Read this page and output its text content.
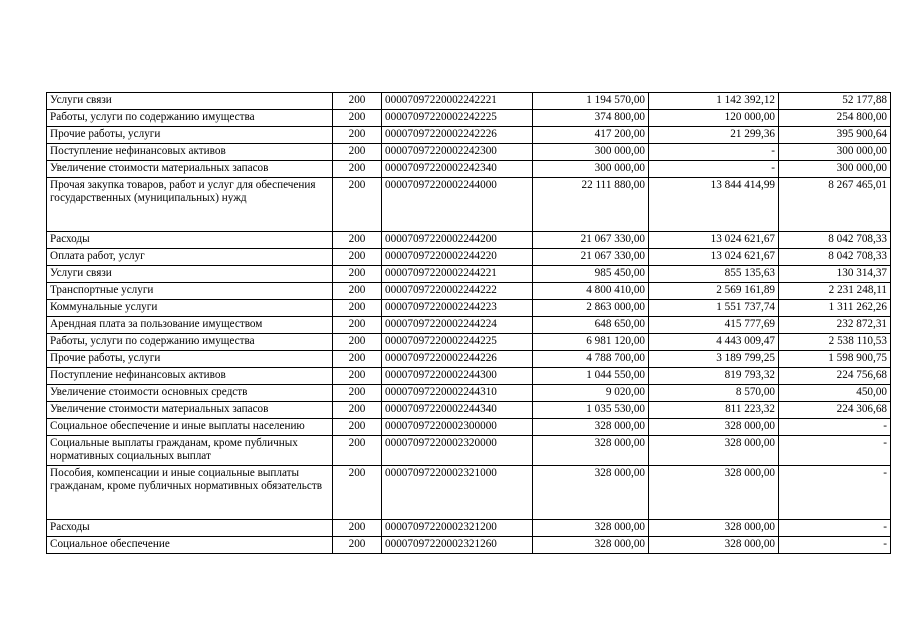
Услуги связи	200	00007097220002242221	1 194 570,00	1 142 392,12	52 177,88
Работы, услуги по содержанию имущества	200	00007097220002242225	374 800,00	120 000,00	254 800,00
Прочие работы, услуги	200	00007097220002242226	417 200,00	21 299,36	395 900,64
Поступление нефинансовых активов	200	00007097220002242300	300 000,00	-	300 000,00
Увеличение стоимости материальных запасов	200	00007097220002242340	300 000,00	-	300 000,00
Прочая закупка товаров, работ и услуг для обеспечения государственных (муниципальных) нужд	200	00007097220002244000	22 111 880,00	13 844 414,99	8 267 465,01
Расходы	200	00007097220002244200	21 067 330,00	13 024 621,67	8 042 708,33
Оплата работ, услуг	200	00007097220002244220	21 067 330,00	13 024 621,67	8 042 708,33
Услуги связи	200	00007097220002244221	985 450,00	855 135,63	130 314,37
Транспортные услуги	200	00007097220002244222	4 800 410,00	2 569 161,89	2 231 248,11
Коммунальные услуги	200	00007097220002244223	2 863 000,00	1 551 737,74	1 311 262,26
Арендная плата за пользование имуществом	200	00007097220002244224	648 650,00	415 777,69	232 872,31
Работы, услуги по содержанию имущества	200	00007097220002244225	6 981 120,00	4 443 009,47	2 538 110,53
Прочие работы, услуги	200	00007097220002244226	4 788 700,00	3 189 799,25	1 598 900,75
Поступление нефинансовых активов	200	00007097220002244300	1 044 550,00	819 793,32	224 756,68
Увеличение стоимости основных средств	200	00007097220002244310	9 020,00	8 570,00	450,00
Увеличение стоимости материальных запасов	200	00007097220002244340	1 035 530,00	811 223,32	224 306,68
Социальное обеспечение и иные выплаты населению	200	00007097220002300000	328 000,00	328 000,00	-
Социальные выплаты гражданам, кроме публичных нормативных социальных выплат	200	00007097220002320000	328 000,00	328 000,00	-
Пособия, компенсации и иные социальные выплаты гражданам, кроме публичных нормативных обязательств	200	00007097220002321000	328 000,00	328 000,00	-
Расходы	200	00007097220002321200	328 000,00	328 000,00	-
Социальное обеспечение	200	00007097220002321260	328 000,00	328 000,00	-
